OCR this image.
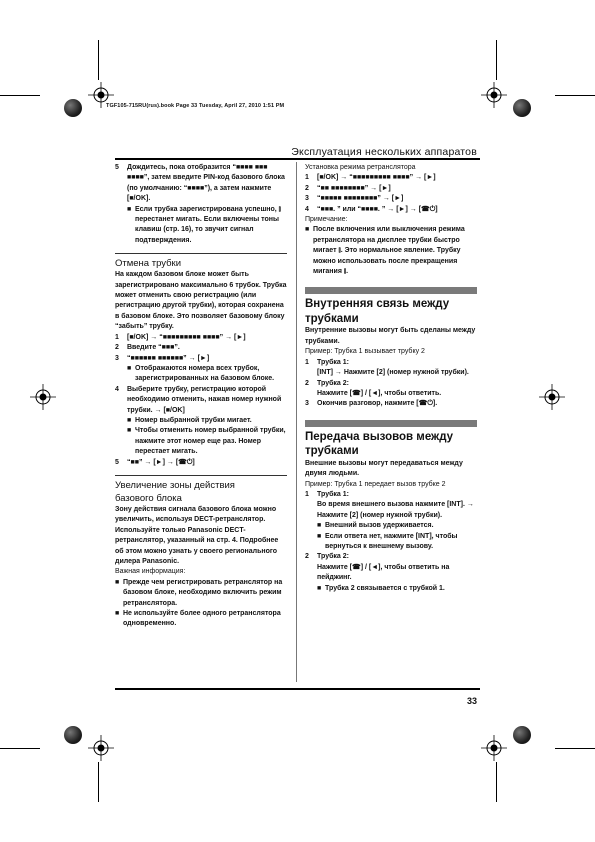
TGF105-715RU(rus).book Page 33 Tuesday, April 27, 2010 1:51 PM
Эксплуатация нескольких аппаратов
33
5	Дождитесь, пока отобразится “■■■■ ■■■ ■■■■”, затем введите PIN-код базового блока (по умолчанию: “■■■■”), а затем нажмите [■/OK].
■ Если трубка зарегистрирована успешно, ⫾ перестанет мигать. Если включены тоны клавиш (стр. 16), то звучит сигнал подтверждения.
Отмена трубки

На каждом базовом блоке может быть зарегистрировано максимально 6 трубок. Трубка может отменить свою регистрацию (или регистрацию другой трубки), которая сохранена в базовом блоке. Это позволяет базовому блоку “забыть” трубку.

1	[■/OK] → “■■■■■■■■■ ■■■■” → [►]
2	Введите “■■■”.
3	“■■■■■■ ■■■■■■” → [►]
■ Отображаются номера всех трубок, зарегистрированных на базовом блоке.
4	Выберите трубку, регистрацию которой необходимо отменить, нажав номер нужной трубки. → [■/OK]
■ Номер выбранной трубки мигает.
■ Чтобы отменить номер выбранной трубки, нажмите этот номер еще раз. Номер перестает мигать.
5	“■■” → [►] → [☎⏻]
Увеличение зоны действия
базового блока

Зону действия сигнала базового блока можно увеличить, используя DECT-ретранслятор. Используйте только Panasonic DECT-ретранслятор, указанный на стр. 4. Подробнее об этом можно узнать у своего регионального дилера Panasonic.

Важная информация:
■ Прежде чем регистрировать ретранслятор на базовом блоке, необходимо включить режим ретранслятора.
■ Не используйте более одного ретранслятора одновременно.
Установка режима ретранслятора
1	[■/OK] → “■■■■■■■■■ ■■■■” → [►]
2	“■■ ■■■■■■■■” → [►]
3	“■■■■■ ■■■■■■■■” → [►]
4	“■■■. ” или “■■■■. ” → [►] → [☎⏻]
Примечание:
■ После включения или выключения режима ретранслятора на дисплее трубки быстро мигает ⫾. Это нормальное явление. Трубку можно использовать после прекращения мигания ⫾.
Внутренняя связь между
трубками

Внутренние вызовы могут быть сделаны между трубками.

Пример: Трубка 1 вызывает трубку 2

1	Трубка 1:
[INT] → Нажмите [2] (номер нужной трубки).
2	Трубка 2:
Нажмите [☎] / [◄], чтобы ответить.
3	Окончив разговор, нажмите [☎⏻].
Передача вызовов между
трубками

Внешние вызовы могут передаваться между двумя людьми.

Пример: Трубка 1 передает вызов трубке 2

1	Трубка 1:
Во время внешнего вызова нажмите [INT]. → Нажмите [2] (номер нужной трубки).
■ Внешний вызов удерживается.
■ Если ответа нет, нажмите [INT], чтобы вернуться к внешнему вызову.
2	Трубка 2:
Нажмите [☎] / [◄], чтобы ответить на пейджинг.
■ Трубка 2 связывается с трубкой 1.
